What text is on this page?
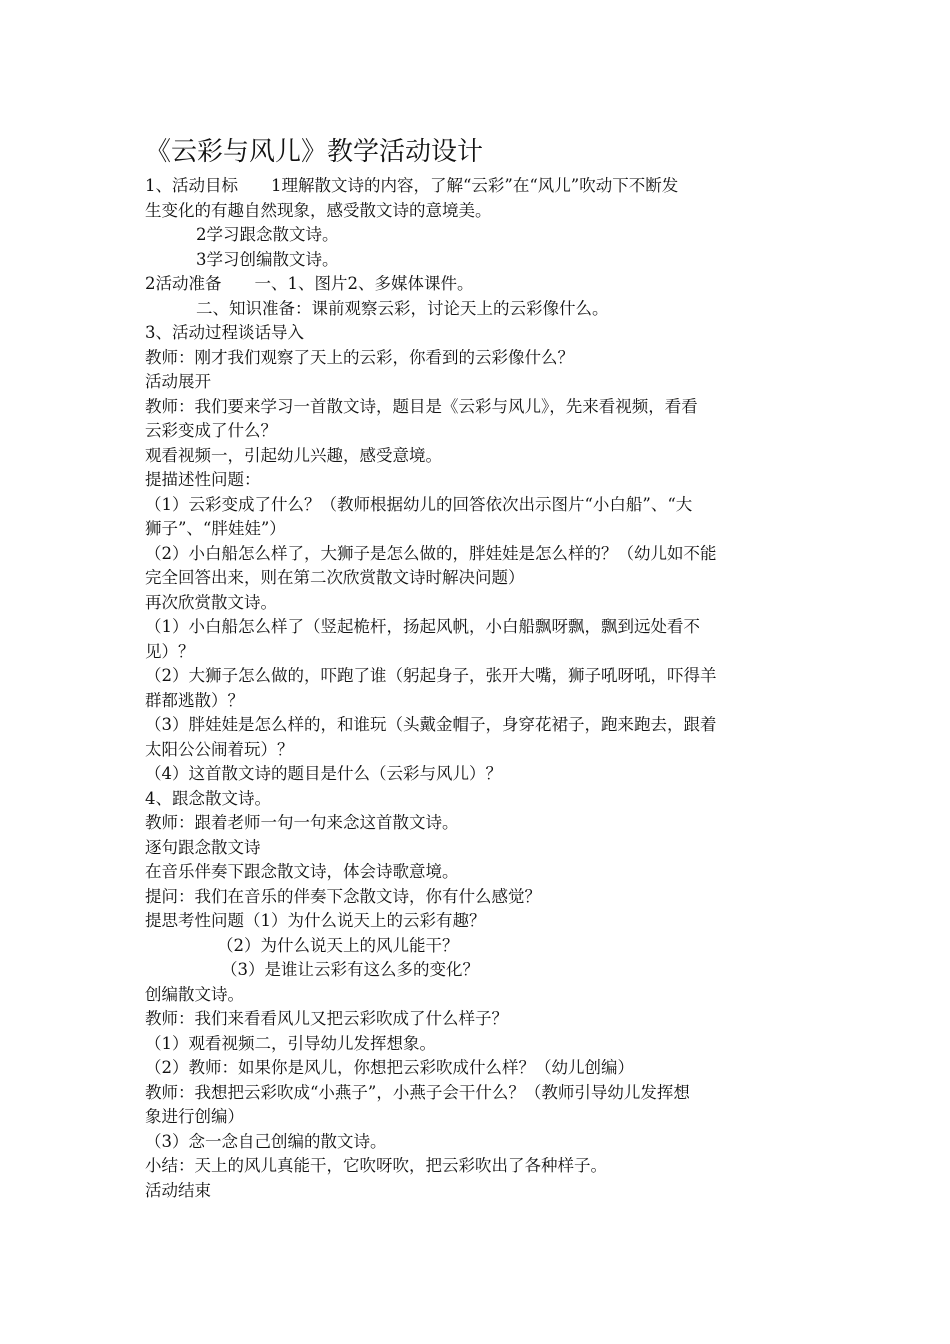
《云彩与风儿》教学活动设计
1、活动目标　　1理解散文诗的内容，了解“云彩”在“风儿”吹动下不断发
生变化的有趣自然现象，感受散文诗的意境美。
2学习跟念散文诗。
3学习创编散文诗。
2活动准备　　一、1、图片2、多媒体课件。
二、知识准备：课前观察云彩，讨论天上的云彩像什么。
3、活动过程谈话导入
教师：刚才我们观察了天上的云彩，你看到的云彩像什么？
活动展开
教师：我们要来学习一首散文诗，题目是《云彩与风儿》，先来看视频，看看
云彩变成了什么？
观看视频一，引起幼儿兴趣，感受意境。
提描述性问题：
（1）云彩变成了什么？（教师根据幼儿的回答依次出示图片“小白船”、“大
狮子”、“胖娃娃”）
（2）小白船怎么样了，大狮子是怎么做的，胖娃娃是怎么样的？（幼儿如不能
完全回答出来，则在第二次欣赏散文诗时解决问题）
再次欣赏散文诗。
（1）小白船怎么样了（竖起桅杆，扬起风帆，小白船飘呀飘，飘到远处看不
见）？
（2）大狮子怎么做的，吓跑了谁（躬起身子，张开大嘴，狮子吼呀吼，吓得羊
群都逃散）？
（3）胖娃娃是怎么样的，和谁玩（头戴金帽子，身穿花裙子，跑来跑去，跟着
太阳公公闹着玩）？
（4）这首散文诗的题目是什么（云彩与风儿）？
4、跟念散文诗。
教师：跟着老师一句一句来念这首散文诗。
逐句跟念散文诗
在音乐伴奏下跟念散文诗，体会诗歌意境。
提问：我们在音乐的伴奏下念散文诗，你有什么感觉？
提思考性问题（1）为什么说天上的云彩有趣？
（2）为什么说天上的风儿能干？
（3）是谁让云彩有这么多的变化？
创编散文诗。
教师：我们来看看风儿又把云彩吹成了什么样子？
（1）观看视频二，引导幼儿发挥想象。
（2）教师：如果你是风儿，你想把云彩吹成什么样？（幼儿创编）
教师：我想把云彩吹成“小燕子”，小燕子会干什么？（教师引导幼儿发挥想
象进行创编）
（3）念一念自己创编的散文诗。
小结：天上的风儿真能干，它吹呀吹，把云彩吹出了各种样子。
活动结束
